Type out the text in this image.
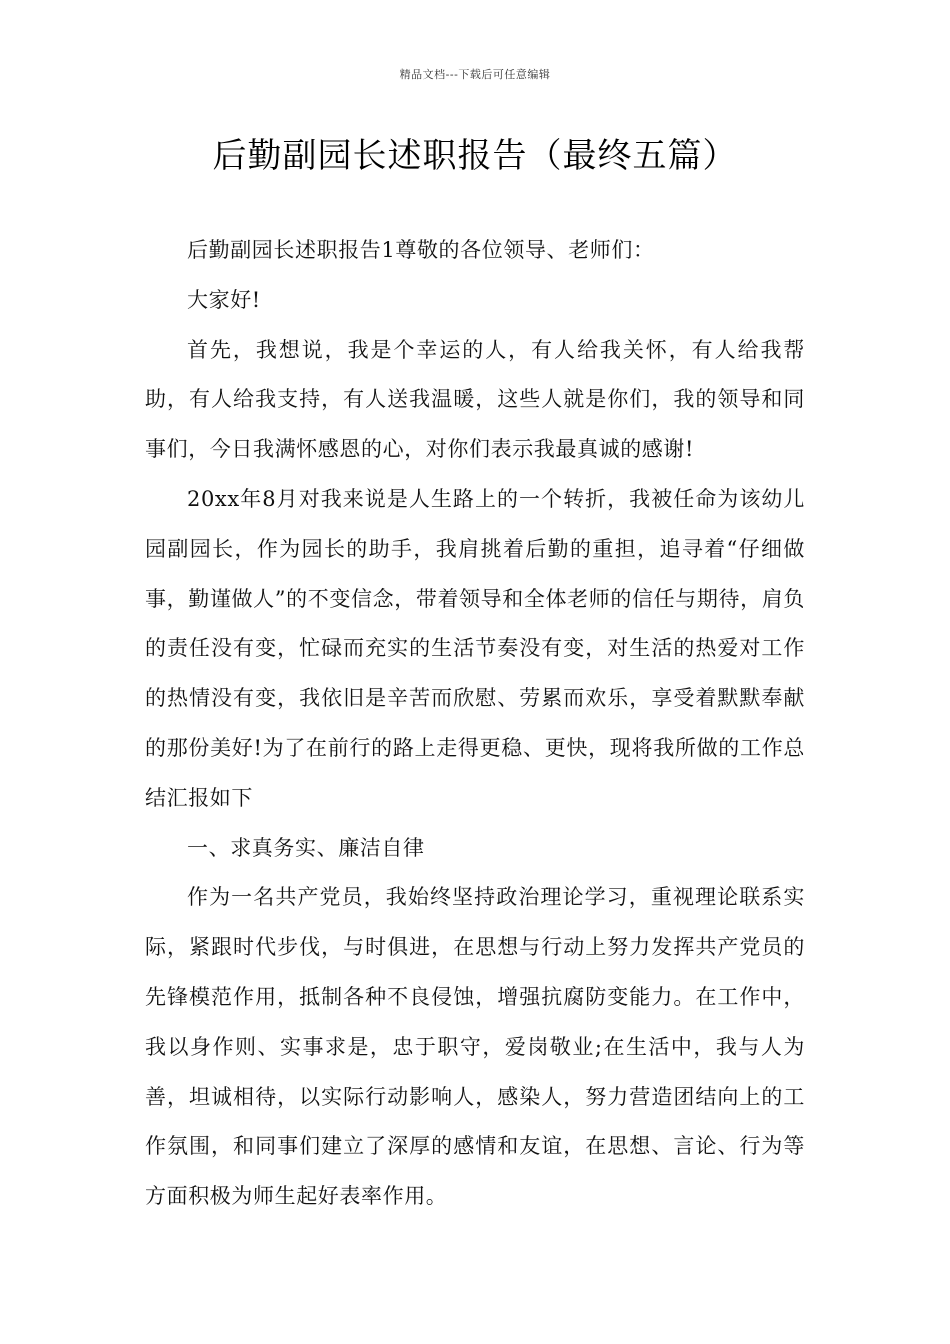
精品文档---下载后可任意编辑
后勤副园长述职报告（最终五篇）

后勤副园长述职报告1尊敬的各位领导、老师们：

大家好!

首先，我想说，我是个幸运的人，有人给我关怀，有人给我帮助，有人给我支持，有人送我温暖，这些人就是你们，我的领导和同事们，今日我满怀感恩的心，对你们表示我最真诚的感谢!

20xx年8月对我来说是人生路上的一个转折，我被任命为该幼儿园副园长，作为园长的助手，我肩挑着后勤的重担，追寻着“仔细做事，勤谨做人”的不变信念，带着领导和全体老师的信任与期待，肩负的责任没有变，忙碌而充实的生活节奏没有变，对生活的热爱对工作的热情没有变，我依旧是辛苦而欣慰、劳累而欢乐，享受着默默奉献的那份美好!为了在前行的路上走得更稳、更快，现将我所做的工作总结汇报如下

一、求真务实、廉洁自律

作为一名共产党员，我始终坚持政治理论学习，重视理论联系实际，紧跟时代步伐，与时俱进，在思想与行动上努力发挥共产党员的先锋模范作用，抵制各种不良侵蚀，增强抗腐防变能力。在工作中，我以身作则、实事求是，忠于职守，爱岗敬业;在生活中，我与人为善，坦诚相待，以实际行动影响人，感染人，努力营造团结向上的工作氛围，和同事们建立了深厚的感情和友谊，在思想、言论、行为等方面积极为师生起好表率作用。
